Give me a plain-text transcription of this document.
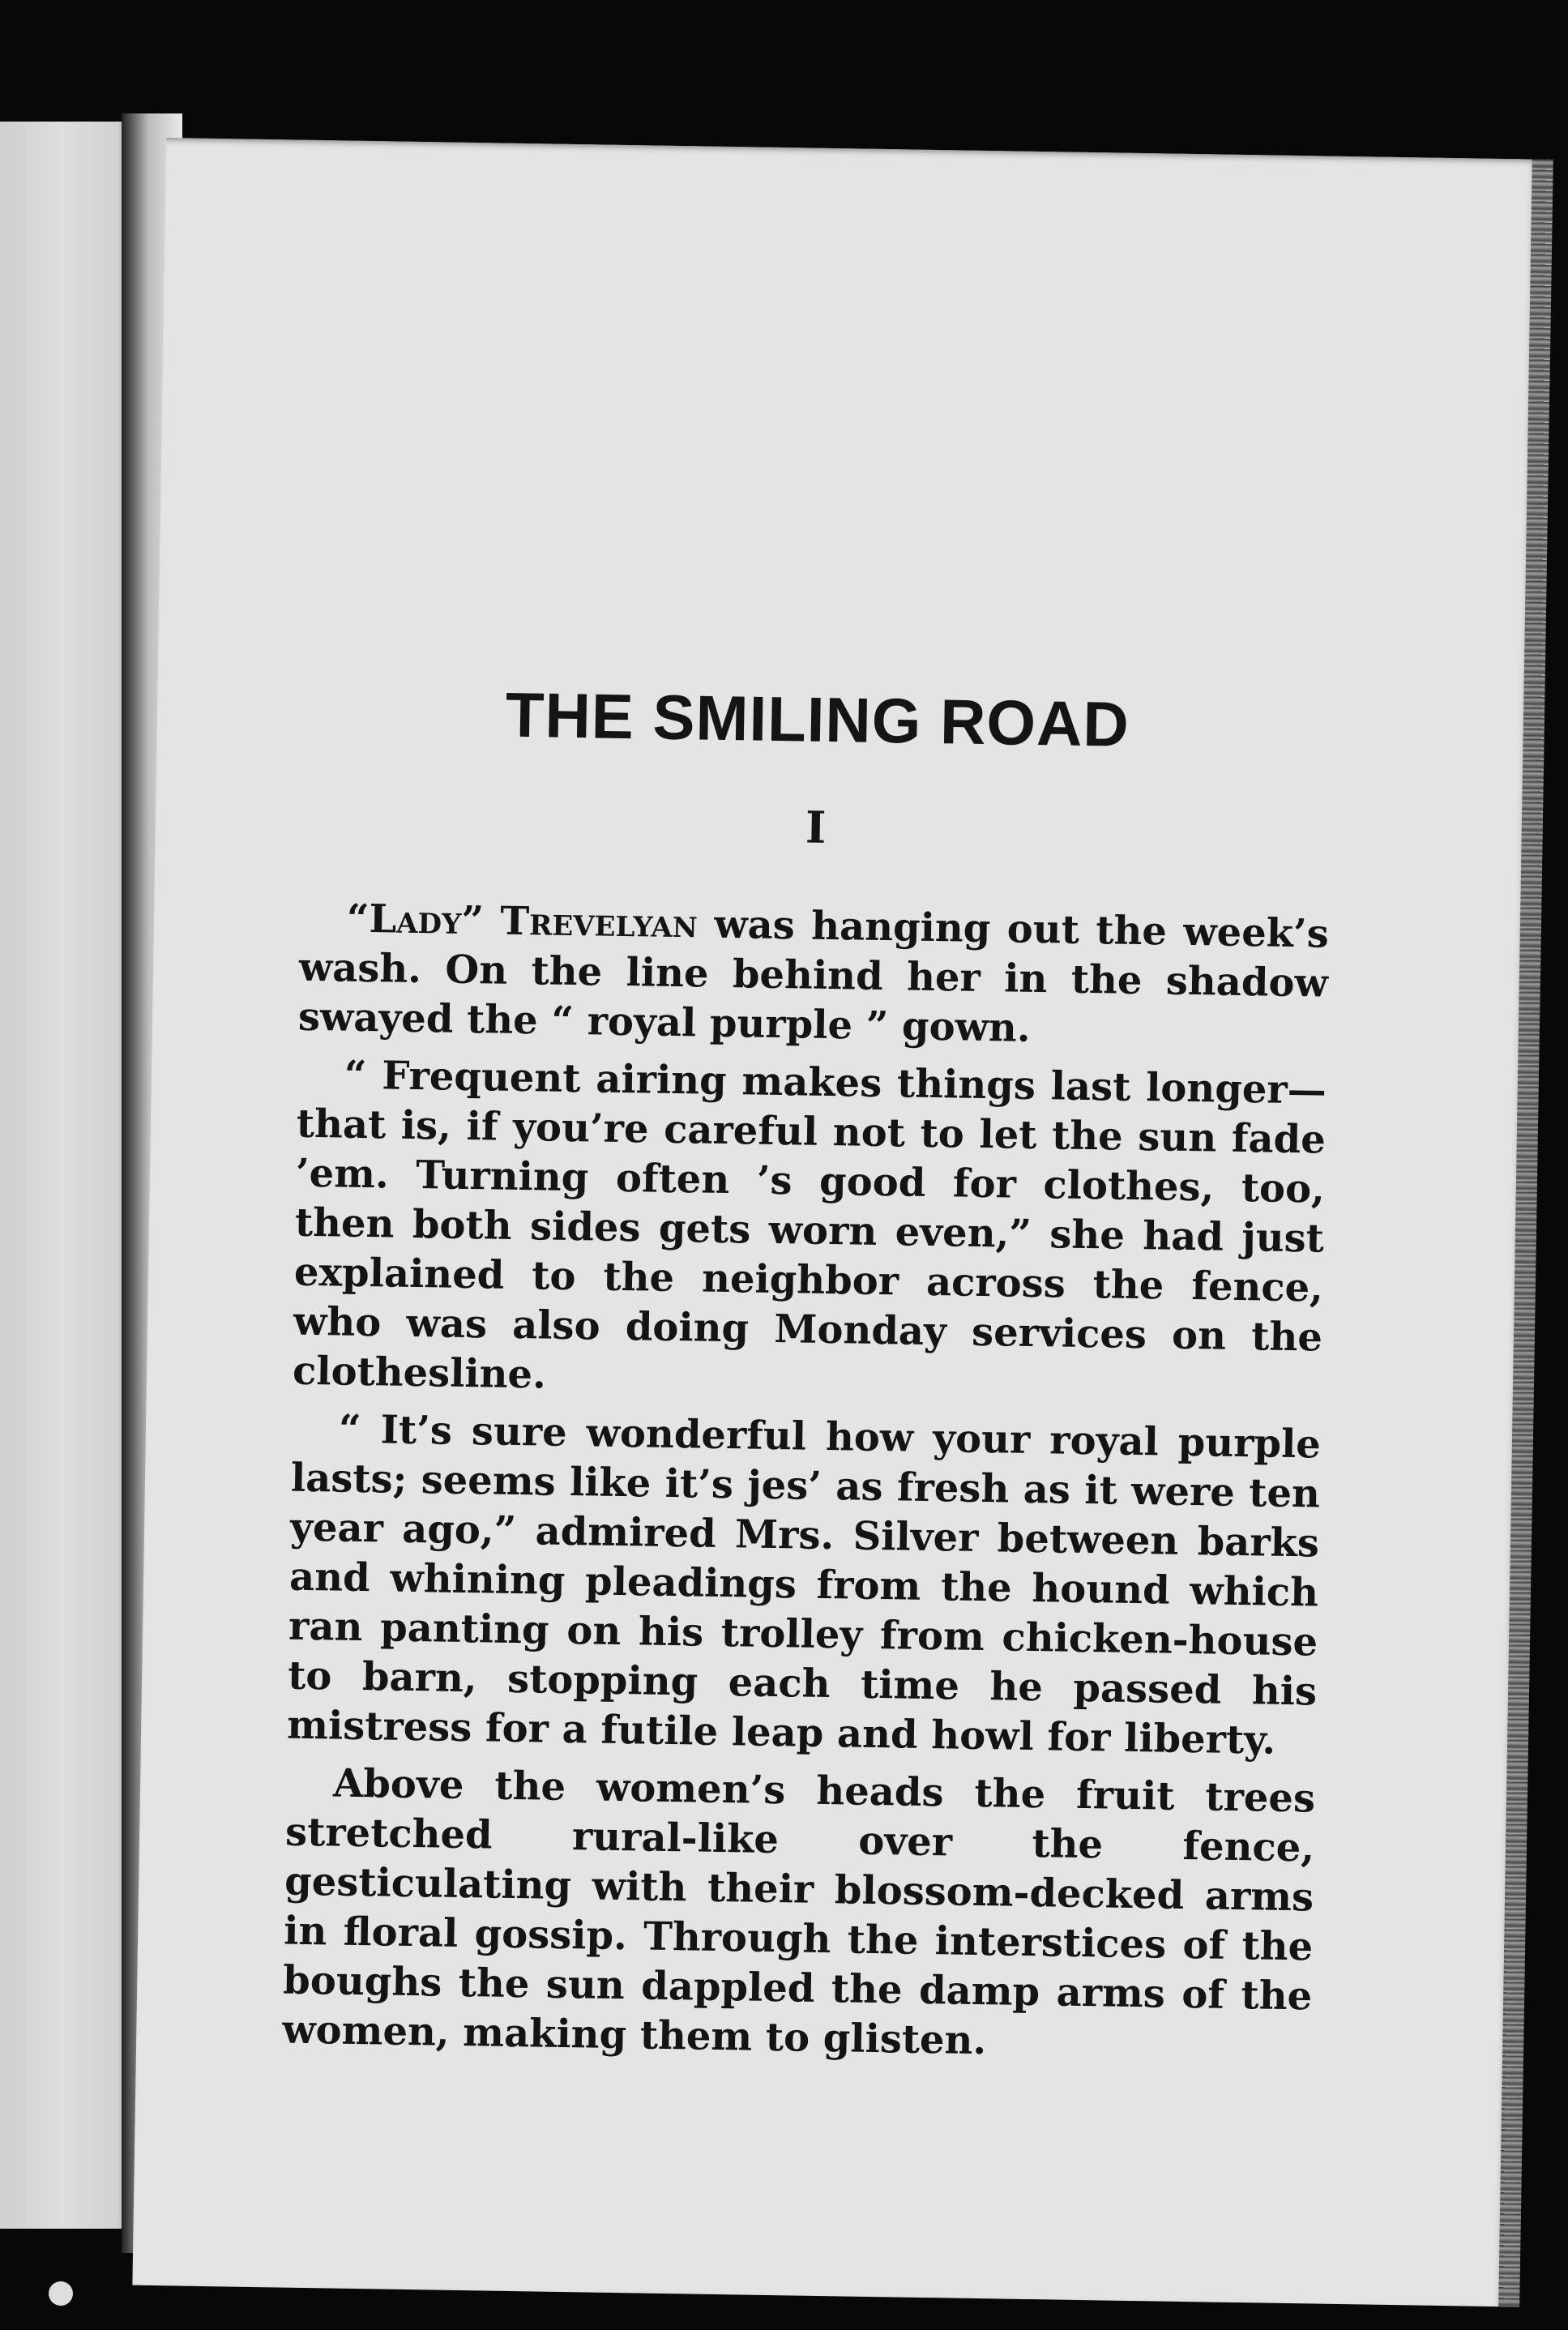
THE SMILING ROAD
I

“Lady” Trevelyan was hanging out the week’s wash. On the line behind her in the shadow swayed the “ royal purple ” gown.

“ Frequent airing makes things last longer—that is, if you’re careful not to let the sun fade ’em. Turning often ’s good for clothes, too, then both sides gets worn even,” she had just explained to the neighbor across the fence, who was also doing Monday services on the clothesline.

“ It’s sure wonderful how your royal purple lasts; seems like it’s jes’ as fresh as it were ten year ago,” admired Mrs. Silver between barks and whining pleadings from the hound which ran panting on his trolley from chicken-house to barn, stopping each time he passed his mistress for a futile leap and howl for liberty.

Above the women’s heads the fruit trees stretched rural-like over the fence, gesticulating with their blossom-decked arms in floral gossip. Through the interstices of the boughs the sun dappled the damp arms of the women, making them to glisten.
